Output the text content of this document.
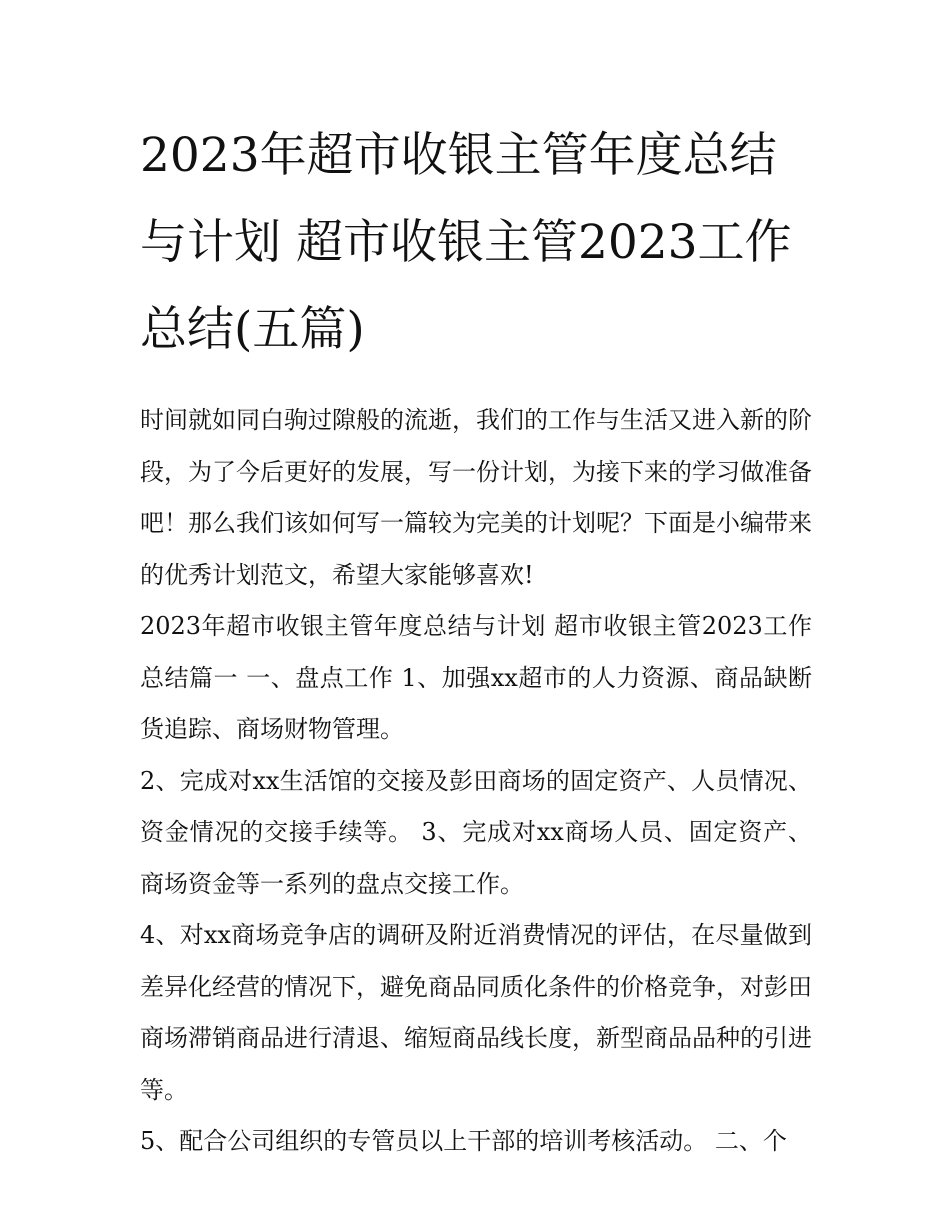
2023年超市收银主管年度总结与计划 超市收银主管2023工作总结(五篇)

时间就如同白驹过隙般的流逝，我们的工作与生活又进入新的阶段，为了今后更好的发展，写一份计划，为接下来的学习做准备吧！那么我们该如何写一篇较为完美的计划呢？下面是小编带来的优秀计划范文，希望大家能够喜欢!

2023年超市收银主管年度总结与计划 超市收银主管2023工作总结篇一 一、盘点工作 1、加强xx超市的人力资源、商品缺断货追踪、商场财物管理。

2、完成对xx生活馆的交接及彭田商场的固定资产、人员情况、资金情况的交接手续等。 3、完成对xx商场人员、固定资产、商场资金等一系列的盘点交接工作。

4、对xx商场竞争店的调研及附近消费情况的评估，在尽量做到差异化经营的情况下，避免商品同质化条件的价格竞争，对彭田商场滞销商品进行清退、缩短商品线长度，新型商品品种的引进等。

5、配合公司组织的专管员以上干部的培训考核活动。 二、个
